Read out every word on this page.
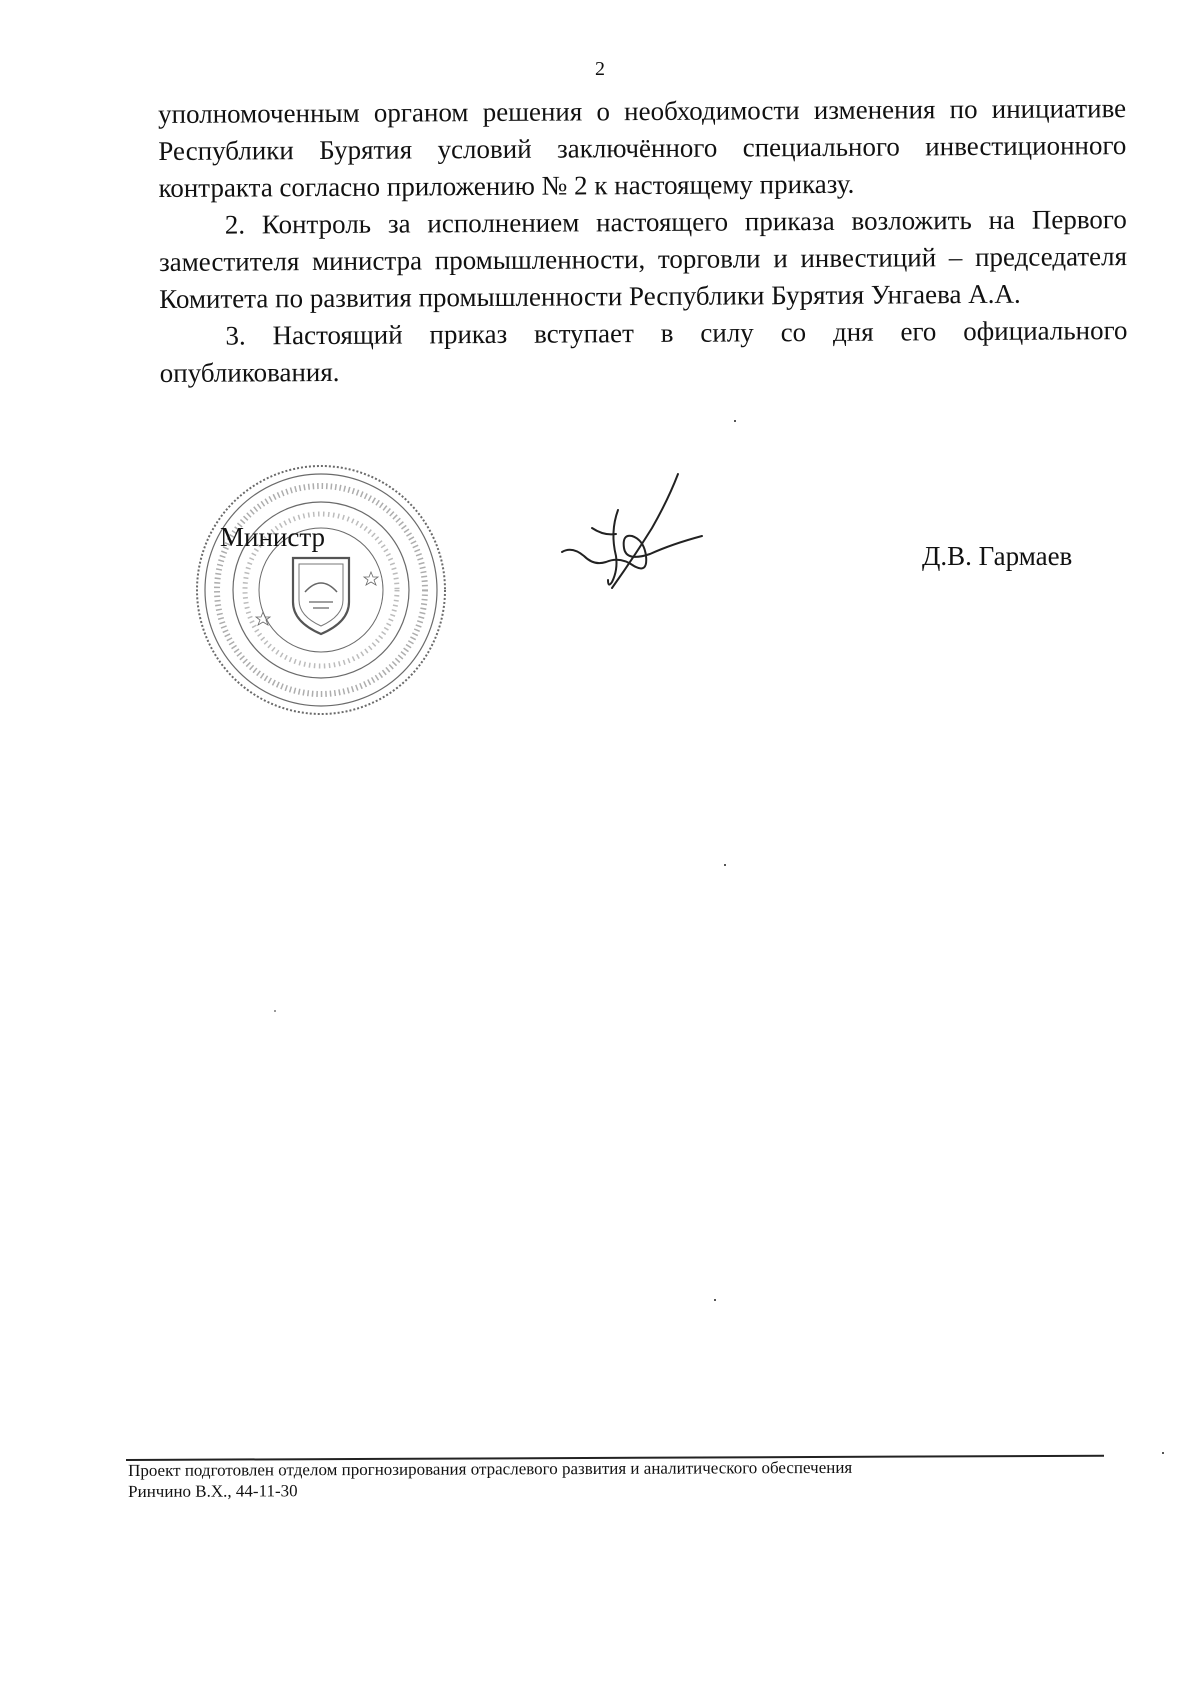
2

уполномоченным органом решения о необходимости изменения по инициативе Республики Бурятия условий заключённого специального инвестиционного контракта согласно приложению № 2 к настоящему приказу.

2. Контроль за исполнением настоящего приказа возложить на Первого заместителя министра промышленности, торговли и инвестиций – председателя Комитета по развития промышленности Республики Бурятия Унгаева А.А.

3. Настоящий приказ вступает в силу со дня его официального опубликования.

Министр
Д.В. Гармаев
Проект подготовлен отделом прогнозирования отраслевого развития и аналитического обеспечения
Ринчино В.Х., 44-11-30
